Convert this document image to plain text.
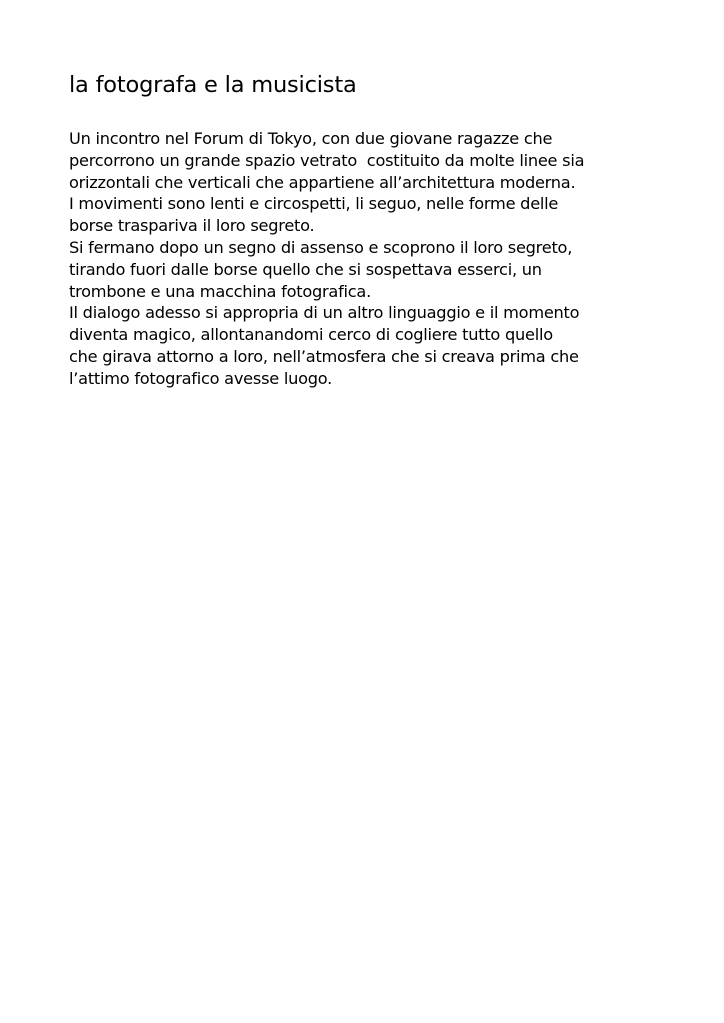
la fotografa e la musicista
Un incontro nel Forum di Tokyo, con due giovane ragazze che
percorrono un grande spazio vetrato  costituito da molte linee sia
orizzontali che verticali che appartiene all’architettura moderna.
I movimenti sono lenti e circospetti, li seguo, nelle forme delle
borse traspariva il loro segreto.
Si fermano dopo un segno di assenso e scoprono il loro segreto,
tirando fuori dalle borse quello che si sospettava esserci, un
trombone e una macchina fotografica.
Il dialogo adesso si appropria di un altro linguaggio e il momento
diventa magico, allontanandomi cerco di cogliere tutto quello
che girava attorno a loro, nell’atmosfera che si creava prima che
l’attimo fotografico avesse luogo.
